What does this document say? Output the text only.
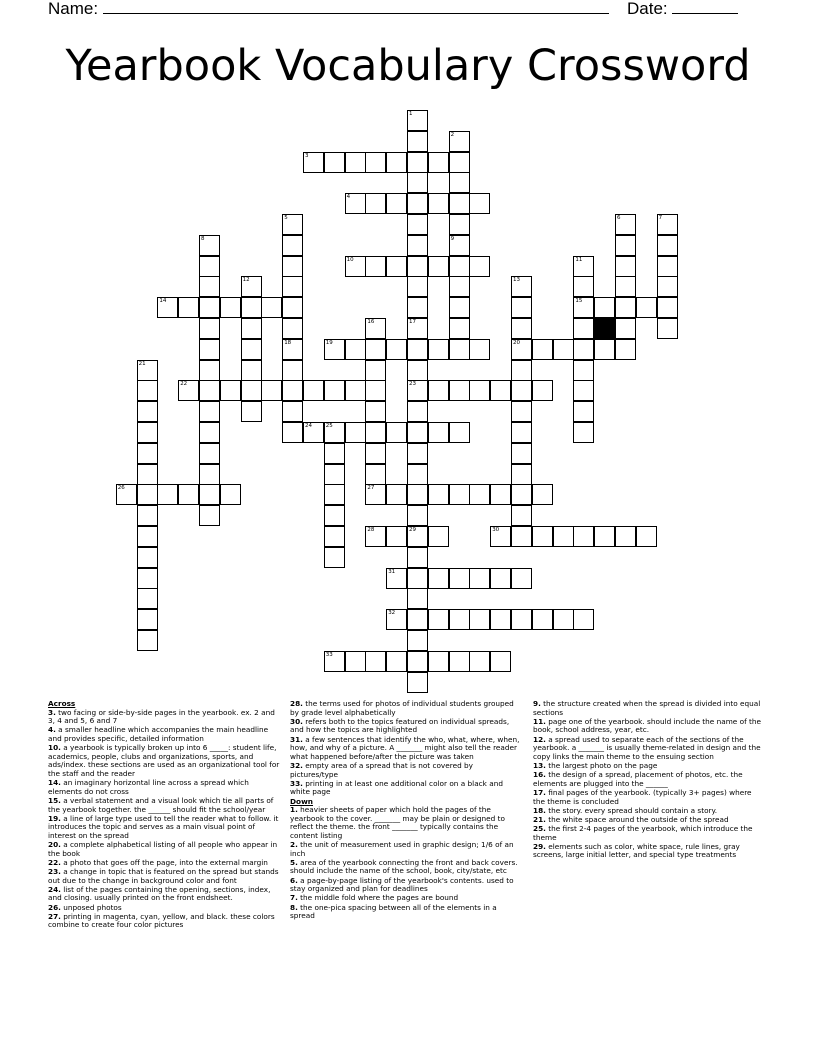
Name:	Date:
Yearbook Vocabulary Crossword
1
17
23
29
2
9
3
4
5	6	7
8
10	11
15
12	13
20
14
16
27
18	19
21
22
24	25
26
28	30
31
32
33
Across
3. two facing or side-by-side pages in the yearbook. ex. 2 and 3, 4 and 5, 6 and 7
4. a smaller headline which accompanies the main headline and provides specific, detailed information
10. a yearbook is typically broken up into 6 _____: student life, academics, people, clubs and organizations, sports, and ads/index. these sections are used as an organizational tool for the staff and the reader
14. an imaginary horizontal line across a spread which elements do not cross
15. a verbal statement and a visual look which tie all parts of the yearbook together. the ______ should fit the school/year
19. a line of large type used to tell the reader what to follow. it introduces the topic and serves as a main visual point of interest on the spread
20. a complete alphabetical listing of all people who appear in the book
22. a photo that goes off the page, into the external margin
23. a change in topic that is featured on the spread but stands out due to the change in background color and font
24. list of the pages containing the opening, sections, index, and closing. usually printed on the front endsheet.
26. unposed photos
27. printing in magenta, cyan, yellow, and black. these colors combine to create four color pictures
28. the terms used for photos of individual students grouped by grade level alphabetically
30. refers both to the topics featured on individual spreads, and how the topics are highlighted
31. a few sentences that identify the who, what, where, when, how, and why of a picture. A _______ might also tell the reader what happened before/after the picture was taken
32. empty area of a spread that is not covered by pictures/type
33. printing in at least one additional color on a black and white page
Down
1. heavier sheets of paper which hold the pages of the yearbook to the cover. _______ may be plain or designed to reflect the theme. the front _______ typically contains the content listing
2. the unit of measurement used in graphic design; 1/6 of an inch
5. area of the yearbook connecting the front and back covers. should include the name of the school, book, city/state, etc
6. a page-by-page listing of the yearbook's contents. used to stay organized and plan for deadlines
7. the middle fold where the pages are bound
8. the one-pica spacing between all of the elements in a spread
9. the structure created when the spread is divided into equal sections
11. page one of the yearbook. should include the name of the book, school address, year, etc.
12. a spread used to separate each of the sections of the yearbook. a _______ is usually theme-related in design and the copy links the main theme to the ensuing section
13. the largest photo on the page
16. the design of a spread, placement of photos, etc. the elements are plugged into the ______
17. final pages of the yearbook. (typically 3+ pages) where the theme is concluded
18. the story. every spread should contain a story.
21. the white space around the outside of the spread
25. the first 2-4 pages of the yearbook, which introduce the theme
29. elements such as color, white space, rule lines, gray screens, large initial letter, and special type treatments
